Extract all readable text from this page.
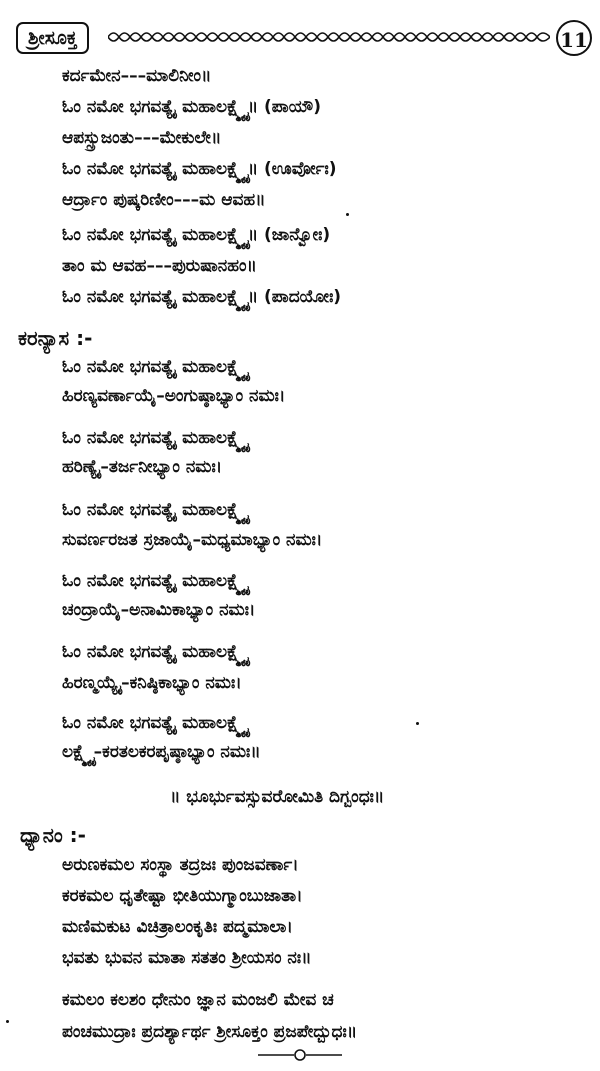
ಶ್ರೀಸೂಕ್ತ	11
ಕರ್ದಮೇನ–––ಮಾಲಿನೀಂ॥
ಓಂ ನಮೋ ಭಗವತ್ಯೈ ಮಹಾಲಕ್ಷ್ಮ್ಯೈ॥ (ಪಾಯೌ)
ಆಪಸ್ಸ್ರುಜಂತು–––ಮೇಕುಲೇ॥
ಓಂ ನಮೋ ಭಗವತ್ಯೈ ಮಹಾಲಕ್ಷ್ಮ್ಯೈ॥ (ಊರ್ವೋಃ)
ಆರ್ದ್ರಾಂ ಪುಷ್ಕರಿಣೀಂ–––ಮ ಆವಹ॥
ಓಂ ನಮೋ ಭಗವತ್ಯೈ ಮಹಾಲಕ್ಷ್ಮ್ಯೈ॥ (ಜಾನ್ವೋಃ)
ತಾಂ ಮ ಆವಹ–––ಪುರುಷಾನಹಂ॥
ಓಂ ನಮೋ ಭಗವತ್ಯೈ ಮಹಾಲಕ್ಷ್ಮ್ಯೈ॥ (ಪಾದಯೋಃ)
ಕರನ್ಯಾಸ :-
ಓಂ ನಮೋ ಭಗವತ್ಯೈ ಮಹಾಲಕ್ಷ್ಮ್ಯೈ
ಹಿರಣ್ಯವರ್ಣಾಯೈ–ಅಂಗುಷ್ಠಾಭ್ಯಾಂ ನಮಃ।
ಓಂ ನಮೋ ಭಗವತ್ಯೈ ಮಹಾಲಕ್ಷ್ಮ್ಯೈ
ಹರಿಣ್ಯೈ–ತರ್ಜನೀಭ್ಯಾಂ ನಮಃ।
ಓಂ ನಮೋ ಭಗವತ್ಯೈ ಮಹಾಲಕ್ಷ್ಮ್ಯೈ
ಸುವರ್ಣರಜತ ಸ್ರಜಾಯೈ–ಮಧ್ಯಮಾಭ್ಯಾಂ ನಮಃ।
ಓಂ ನಮೋ ಭಗವತ್ಯೈ ಮಹಾಲಕ್ಷ್ಮ್ಯೈ
ಚಂದ್ರಾಯೈ–ಅನಾಮಿಕಾಭ್ಯಾಂ ನಮಃ।
ಓಂ ನಮೋ ಭಗವತ್ಯೈ ಮಹಾಲಕ್ಷ್ಮ್ಯೈ
ಹಿರಣ್ಮಯ್ಯೈ–ಕನಿಷ್ಠಿಕಾಭ್ಯಾಂ ನಮಃ।
ಓಂ ನಮೋ ಭಗವತ್ಯೈ ಮಹಾಲಕ್ಷ್ಮ್ಯೈ
ಲಕ್ಷ್ಮ್ಯೈ–ಕರತಲಕರಪೃಷ್ಠಾಭ್ಯಾಂ ನಮಃ॥
॥ ಭೂರ್ಭುವಸ್ಸುವರೋಮಿತಿ ದಿಗ್ಬಂಧಃ॥
ಧ್ಯಾನಂ :-
ಅರುಣಕಮಲ ಸಂಸ್ಥಾ ತದ್ರಜಃ ಪುಂಜವರ್ಣಾ।
ಕರಕಮಲ ಧೃತೇಷ್ಟಾ ಭೀತಿಯುಗ್ಮಾಂಬುಜಾತಾ।
ಮಣಿಮಕುಟ ವಿಚಿತ್ರಾಲಂಕೃತಿಃ ಪದ್ಮಮಾಲಾ।
ಭವತು ಭುವನ ಮಾತಾ ಸತತಂ ಶ್ರೀಯಸಂ ನಃ॥
ಕಮಲಂ ಕಲಶಂ ಧೇನುಂ ಜ್ಞಾನ ಮಂಜಲಿ ಮೇವ ಚ
ಪಂಚಮುದ್ರಾಃ ಪ್ರದರ್ಶ್ಯಾರ್ಥ ಶ್ರೀಸೂಕ್ತಂ ಪ್ರಜಪೇದ್ಬುಧಃ॥
